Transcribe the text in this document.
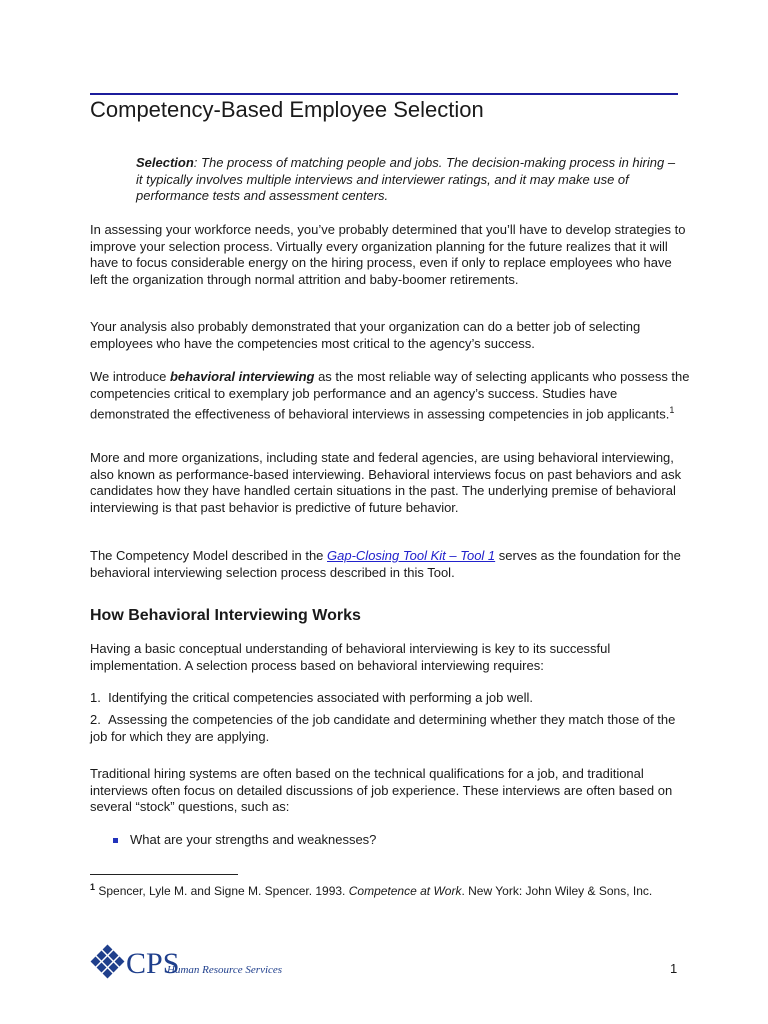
Competency-Based Employee Selection

Selection: The process of matching people and jobs. The decision-making process in hiring – it typically involves multiple interviews and interviewer ratings, and it may make use of performance tests and assessment centers.

In assessing your workforce needs, you’ve probably determined that you’ll have to develop strategies to improve your selection process. Virtually every organization planning for the future realizes that it will have to focus considerable energy on the hiring process, even if only to replace employees who have left the organization through normal attrition and baby-boomer retirements.

Your analysis also probably demonstrated that your organization can do a better job of selecting employees who have the competencies most critical to the agency’s success.

We introduce behavioral interviewing as the most reliable way of selecting applicants who possess the competencies critical to exemplary job performance and an agency’s success. Studies have demonstrated the effectiveness of behavioral interviews in assessing competencies in job applicants.$^1$

More and more organizations, including state and federal agencies, are using behavioral interviewing, also known as performance-based interviewing. Behavioral interviews focus on past behaviors and ask candidates how they have handled certain situations in the past. The underlying premise of behavioral interviewing is that past behavior is predictive of future behavior.

The Competency Model described in the Gap-Closing Tool Kit – Tool 1 serves as the foundation for the behavioral interviewing selection process described in this Tool.

How Behavioral Interviewing Works

Having a basic conceptual understanding of behavioral interviewing is key to its successful implementation. A selection process based on behavioral interviewing requires:

1. Identifying the critical competencies associated with performing a job well.

2. Assessing the competencies of the job candidate and determining whether they match those of the job for which they are applying.

Traditional hiring systems are often based on the technical qualifications for a job, and traditional interviews often focus on detailed discussions of job experience. These interviews are often based on several “stock” questions, such as:

What are your strengths and weaknesses?
$^1$ Spencer, Lyle M. and Signe M. Spencer. 1993. Competence at Work. New York: John Wiley & Sons, Inc.
CPS
Human Resource Services	1
